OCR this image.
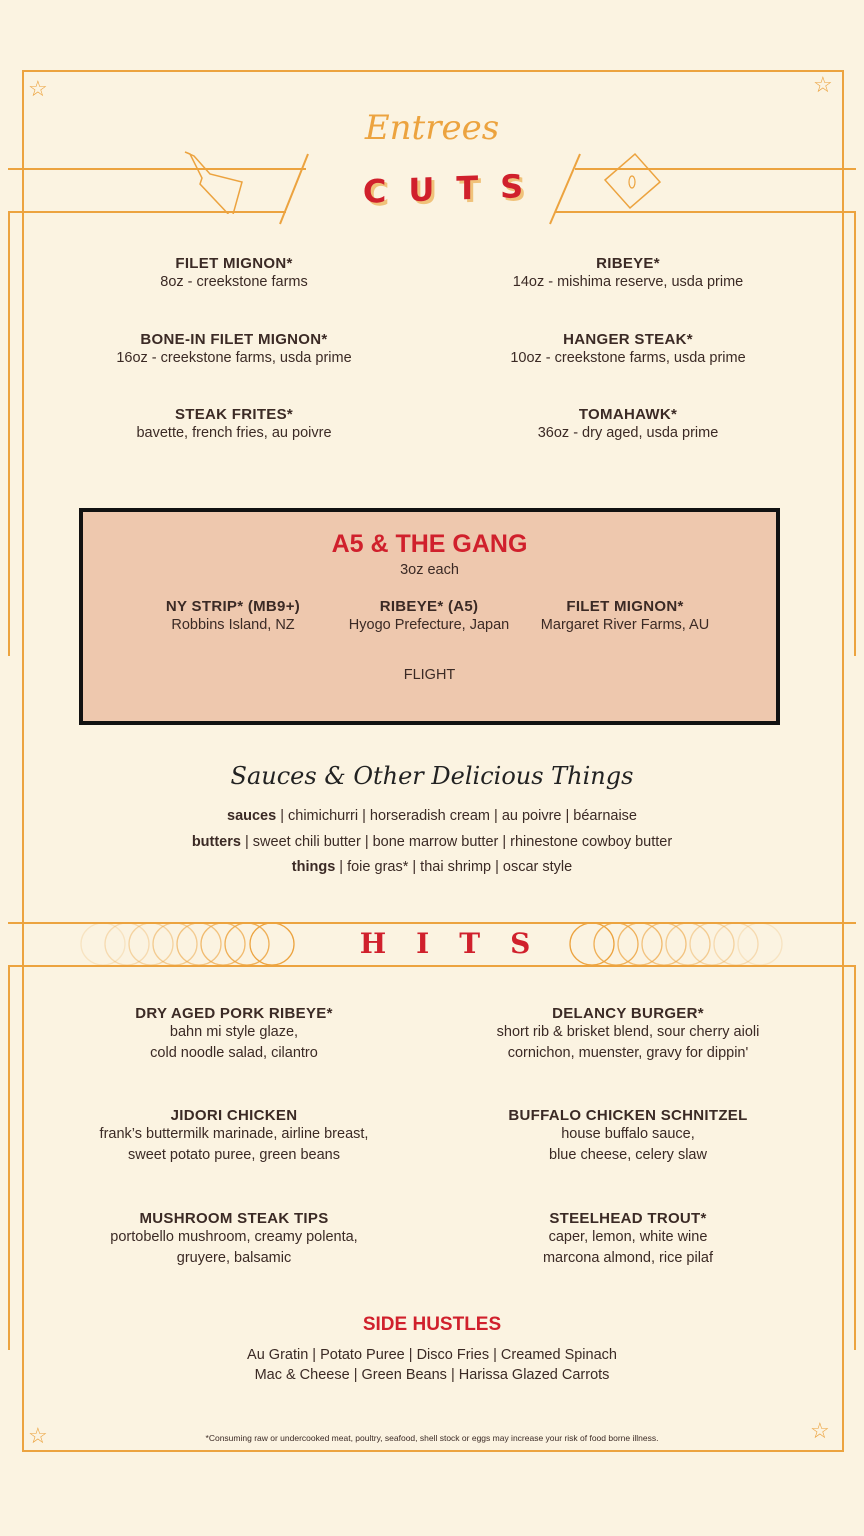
☆	☆
☆	☆
Entrees
CUTS
FILET MIGNON*
8oz - creekstone farms
RIBEYE*
14oz - mishima reserve, usda prime
BONE-IN FILET MIGNON*
16oz - creekstone farms, usda prime
HANGER STEAK*
10oz - creekstone farms, usda prime
STEAK FRITES*
bavette, french fries, au poivre
TOMAHAWK*
36oz - dry aged, usda prime
A5 & THE GANG
3oz each
NY STRIP* (MB9+)
Robbins Island, NZ
RIBEYE* (A5)
Hyogo Prefecture, Japan
FILET MIGNON*
Margaret River Farms, AU
FLIGHT
Sauces & Other Delicious Things
sauces | chimichurri | horseradish cream | au poivre | béarnaise
butters | sweet chili butter | bone marrow butter | rhinestone cowboy butter
things | foie gras* | thai shrimp | oscar style
HITS
DRY AGED PORK RIBEYE*
bahn mi style glaze,
cold noodle salad, cilantro
DELANCY BURGER*
short rib & brisket blend, sour cherry aioli
cornichon, muenster, gravy for dippin'
JIDORI CHICKEN
frank’s buttermilk marinade, airline breast,
sweet potato puree, green beans
BUFFALO CHICKEN SCHNITZEL
house buffalo sauce,
blue cheese, celery slaw
MUSHROOM STEAK TIPS
portobello mushroom, creamy polenta,
gruyere, balsamic
STEELHEAD TROUT*
caper, lemon, white wine
marcona almond, rice pilaf
SIDE HUSTLES
Au Gratin | Potato Puree | Disco Fries | Creamed Spinach
Mac & Cheese | Green Beans | Harissa Glazed Carrots
*Consuming raw or undercooked meat, poultry, seafood, shell stock or eggs may increase your risk of food borne illness.
